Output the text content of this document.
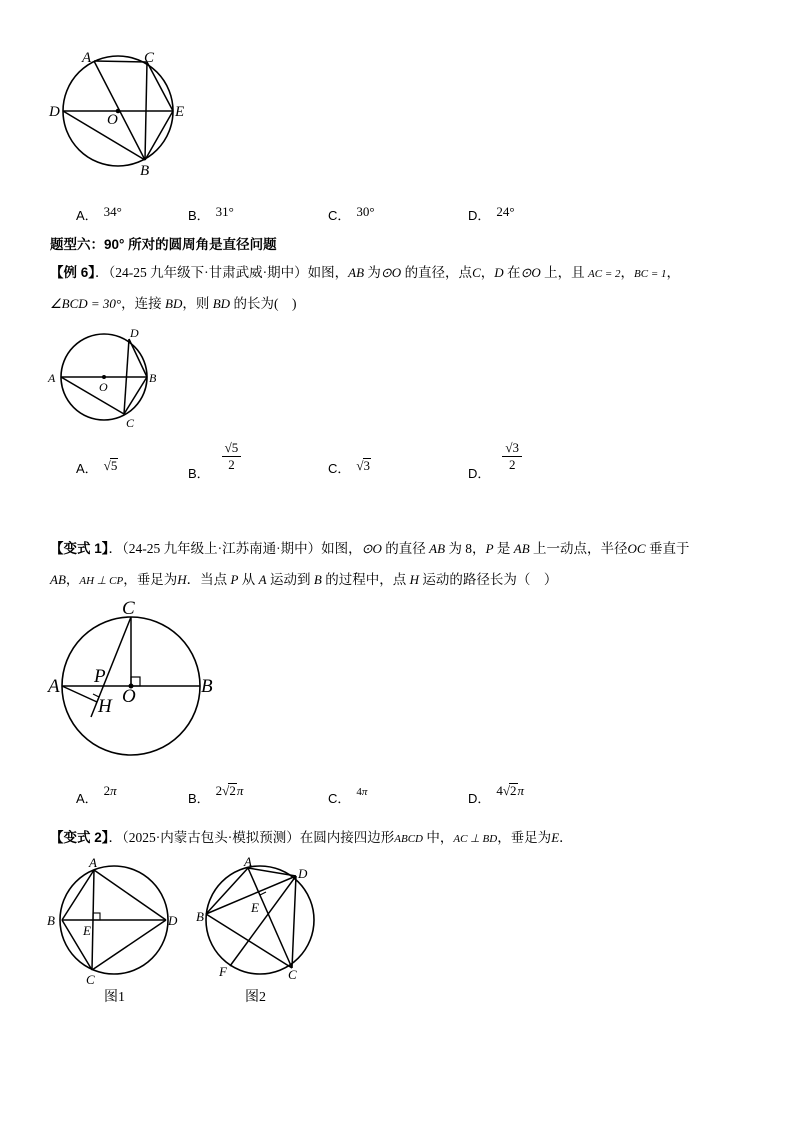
A	C
D	O	E
B
A． 34°	B． 31°	C． 30°	D． 24°
题型六：90° 所对的圆周角是直径问题
【例 6】．（24-25 九年级下·甘肃武威·期中）如图，AB 为⊙O 的直径，点C，D 在⊙O 上，且 AC = 2，BC = 1，
∠BCD = 30°，连接 BD，则 BD 的长为(　)
D
A
O
B
C
A． √5
B．
$\frac{√5}{2}$	C． √3
D．
$\frac{√3}{2}$
【变式 1】．（24-25 九年级上·江苏南通·期中）如图，⊙O 的直径 AB 为 8，P 是 AB 上一动点，半径OC 垂直于
AB，AH ⊥ CP，垂足为H．当点 P 从 A 运动到 B 的过程中，点 H 运动的路径长为（　）
C
A P
O	B
H
A．2π
B．2√2π
C． $^{4\pi}$	D．4√2π
【变式 2】．（2025·内蒙古包头·模拟预测）在圆内接四边形ABCD 中，AC ⊥ BD，垂足为E．
A
B
E
D
C
图1
A
D
B
E
F	C
图2
